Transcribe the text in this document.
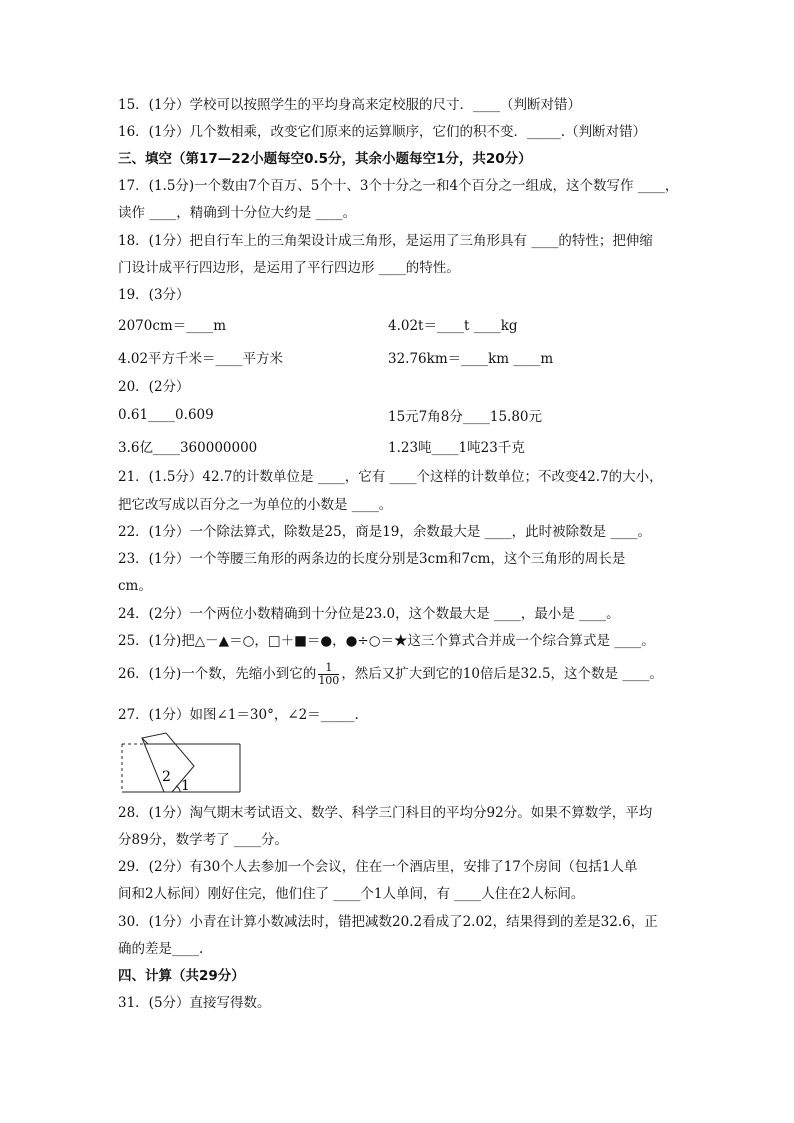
15．(1分）学校可以按照学生的平均身高来定校服的尺寸．____（判断对错）
16．(1分）几个数相乘，改变它们原来的运算顺序，它们的积不变．_____.（判断对错）
三、填空（第17—22小题每空0.5分，其余小题每空1分，共20分）
17．(1.5分)一个数由7个百万、5个十、3个十分之一和4个百分之一组成，这个数写作 ____，
读作 ____，精确到十分位大约是 ____。
18．(1分）把自行车上的三角架设计成三角形，是运用了三角形具有 ____的特性；把伸缩
门设计成平行四边形，是运用了平行四边形 ____的特性。
19．(3分）
2070cm＝____m	4.02t＝____t ____kg
4.02平方千米＝____平方米	32.76km＝____km ____m
20．(2分）
0.61____0.609	15元7角8分____15.80元
3.6亿____360000000	1.23吨____1吨23千克
21．(1.5分）42.7的计数单位是 ____，它有 ____个这样的计数单位；不改变42.7的大小，
把它改写成以百分之一为单位的小数是 ____。
22．(1分）一个除法算式，除数是25，商是19，余数最大是 ____，此时被除数是 ____。
23．(1分）一个等腰三角形的两条边的长度分别是3cm和7cm，这个三角形的周长是
cm。
24．(2分）一个两位小数精确到十分位是23.0，这个数最大是 ____，最小是 ____。
25．(1分)把△－▲＝○，□＋■＝●，●÷○＝★这三个算式合并成一个综合算式是 ____。
26．(1分)一个数，先缩小到它的 $\frac{1}{100}$ ，然后又扩大到它的10倍后是32.5，这个数是 ____。
27．(1分）如图∠1＝30°，∠2＝_____.
2
1
28．(1分）淘气期末考试语文、数学、科学三门科目的平均分92分。如果不算数学，平均
分89分，数学考了 ____分。
29．(2分）有30个人去参加一个会议，住在一个酒店里，安排了17个房间（包括1人单
间和2人标间）刚好住完，他们住了 ____个1人单间，有 ____人住在2人标间。
30．(1分）小青在计算小数减法时，错把减数20.2看成了2.02，结果得到的差是32.6，正
确的差是____.
四、计算（共29分）
31．(5分）直接写得数。
